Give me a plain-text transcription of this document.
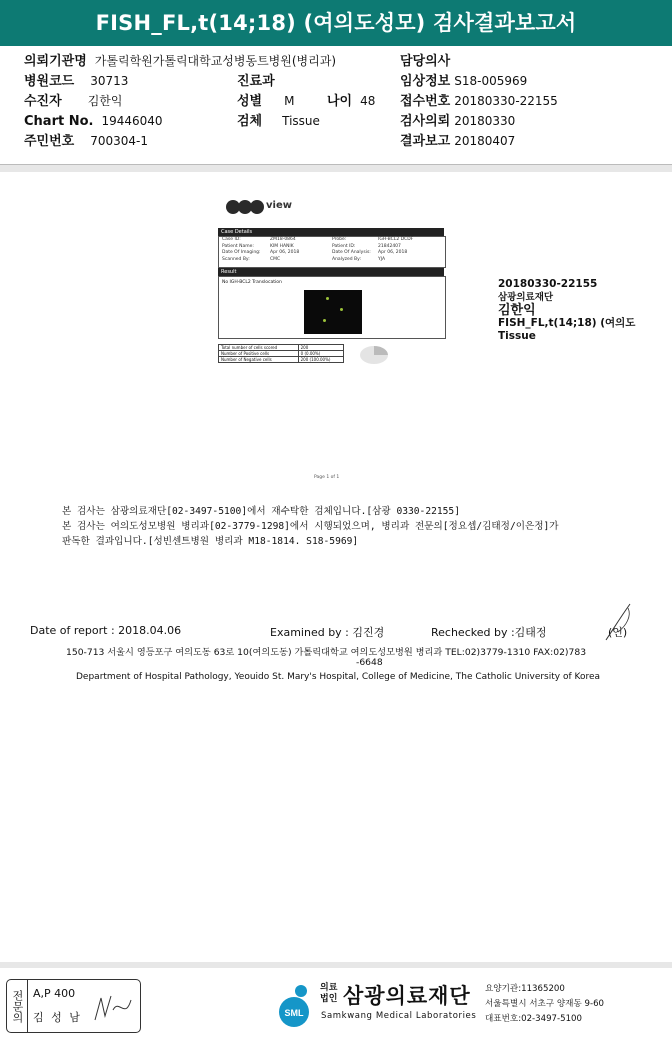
FISH_FL,t(14;18) (여의도성모) 검사결과보고서
의뢰기관명 가톨릭학원가톨릭대학교성병동트병원(병리과)	담당의사
병원코드 30713	진료과	임상정보 S18-005969
수진자 김한익	성별 M	나이 48 접수번호 20180330-22155
Chart No. 19446040	검체 Tissue	검사의뢰 20180330
주민번호 700304-1	결과보고 20180407
view
Case Details
Case ID:	ZM18-0864	Probe:	IGH-BCL2 DCDF
Patient Name:	KIM HANIK	Patient ID:	21842407
Date Of Imaging:	Apr 06, 2018	Date Of Analysis:	Apr 06, 2018
Scanned By:	CMC	Analyzed By:	YJA
Result
No IGH-BCL2 Translocation
Total number of cells scored	200
Number of Positive cells	0 (0.00%)
Number of Negative cells	200 (100.00%)
20180330-22155
삼광의료재단
김한익
FISH_FL,t(14;18) (여의도
Tissue
Page 1 of 1
본 검사는 삼광의료재단[02-3497-5100]에서 재수탁한 검체입니다.[삼광 0330-22155]
본 검사는 여의도성모병원 병리과[02-3779-1298]에서 시행되었으며, 병리과 전문의[정요셉/김태정/이은정]가
판독한 결과입니다.[성빈센트병원 병리과 M18-1814. S18-5969]
Date of report : 2018.04.06	Examined by : 김진경	Rechecked by :김태정	(인)
150-713 서울시 영등포구 여의도동 63로 10(여의도동) 가톨릭대학교 여의도성모병원 병리과 TEL:02)3779-1310 FAX:02)783
-6648
Department of Hospital Pathology, Yeouido St. Mary's Hospital, College of Medicine, The Catholic University of Korea
전문의 A,P 400
김 성 남	SML
의료
법인 삼광의료재단
Samkwang Medical Laboratories
요양기관:11365200
서울특별시 서초구 양재동 9-60
대표번호:02-3497-5100
